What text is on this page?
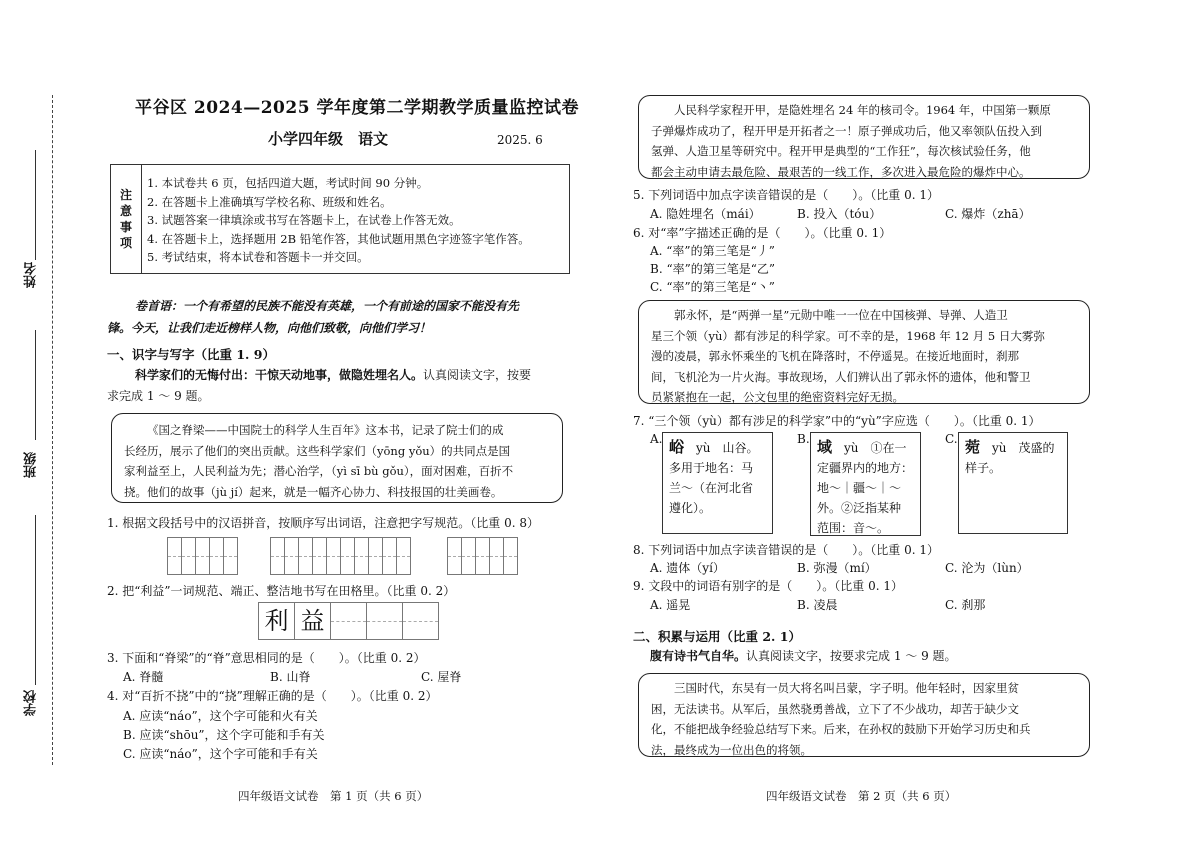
姓名
班级
学校
平谷区 2024—2025 学年度第二学期教学质量监控试卷
小学四年级　语文	2025. 6
注
意
事
项
1. 本试卷共 6 页，包括四道大题，考试时间 90 分钟。
2. 在答题卡上准确填写学校名称、班级和姓名。
3. 试题答案一律填涂或书写在答题卡上，在试卷上作答无效。
4. 在答题卡上，选择题用 2B 铅笔作答，其他试题用黑色字迹签字笔作答。
5. 考试结束，将本试卷和答题卡一并交回。
卷首语：一个有希望的民族不能没有英雄，一个有前途的国家不能没有先
锋。今天，让我们走近榜样人物，向他们致敬，向他们学习！
一、识字与写字（比重 1. 9）
科学家们的无悔付出：干惊天动地事，做隐姓埋名人。认真阅读文字，按要
求完成 1 ～ 9 题。
《国之脊梁——中国院士的科学人生百年》这本书，记录了院士们的成
长经历，展示了他们的突出贡献。这些科学家们（yōng yǒu）的共同点是国
家利益至上，人民利益为先；潜心治学，（yì sī bù gǒu），面对困难，百折不
挠。他们的故事（jù jí）起来，就是一幅齐心协力、科技报国的壮美画卷。
1. 根据文段括号中的汉语拼音，按顺序写出词语，注意把字写规范。（比重 0. 8）
2. 把“利益”一词规范、端正、整洁地书写在田格里。（比重 0. 2）
利 益
3. 下面和“脊梁”的“脊”意思相同的是（　　）。（比重 0. 2）
A. 脊髓	B. 山脊	C. 屋脊
4. 对“百折不挠”中的“挠”理解正确的是（　　）。（比重 0. 2）
A. 应读“náo”，这个字可能和火有关
B. 应读“shōu”，这个字可能和手有关
C. 应读“náo”，这个字可能和手有关
四年级语文试卷　第 1 页（共 6 页）
人民科学家程开甲，是隐姓埋名 24 年的核司令。1964 年，中国第一颗原
子弹爆炸成功了，程开甲是开拓者之一！原子弹成功后，他又率领队伍投入到
氢弹、人造卫星等研究中。程开甲是典型的“工作狂”，每次核试验任务，他
都会主动申请去最危险、最艰苦的一线工作，多次进入最危险的爆炸中心。
5. 下列词语中加点字读音错误的是（　　）。（比重 0. 1）
A. 隐姓埋名（mái）	B. 投入（tóu）	C. 爆炸（zhā）
6. 对“率”字描述正确的是（　　）。（比重 0. 1）
A. “率”的第三笔是“丿”
B. “率”的第三笔是“乙”
C. “率”的第三笔是“丶”
郭永怀，是“两弹一星”元勋中唯一一位在中国核弹、导弹、人造卫
星三个领（yù）都有涉足的科学家。可不幸的是，1968 年 12 月 5 日大雾弥
漫的凌晨，郭永怀乘坐的飞机在降落时，不停遥晃。在接近地面时，刹那
间，飞机沦为一片火海。事故现场，人们辨认出了郭永怀的遗体，他和警卫
员紧紧抱在一起，公文包里的绝密资料完好无损。
7. “三个领（yù）都有涉足的科学家”中的“yù”字应选（　　）。（比重 0. 1）
A. 峪　yù　山谷。
多用于地名：马
兰～（在河北省
遵化）。
B. 域　yù　①在一
定疆界内的地方：
地～｜疆～｜～
外。②泛指某种
范围：音～。
C. 菀　yù　茂盛的
样子。
8. 下列词语中加点字读音错误的是（　　）。（比重 0. 1）
A. 遗体（yí）	B. 弥漫（mí）	C. 沦为（lùn）
9. 文段中的词语有别字的是（　　）。（比重 0. 1）
A. 遥晃	B. 凌晨	C. 刹那
二、积累与运用（比重 2. 1）
腹有诗书气自华。认真阅读文字，按要求完成 1 ～ 9 题。
三国时代，东吴有一员大将名叫吕蒙，字子明。他年轻时，因家里贫
困，无法读书。从军后，虽然骁勇善战，立下了不少战功，却苦于缺少文
化，不能把战争经验总结写下来。后来，在孙权的鼓励下开始学习历史和兵
法，最终成为一位出色的将领。
四年级语文试卷　第 2 页（共 6 页）
